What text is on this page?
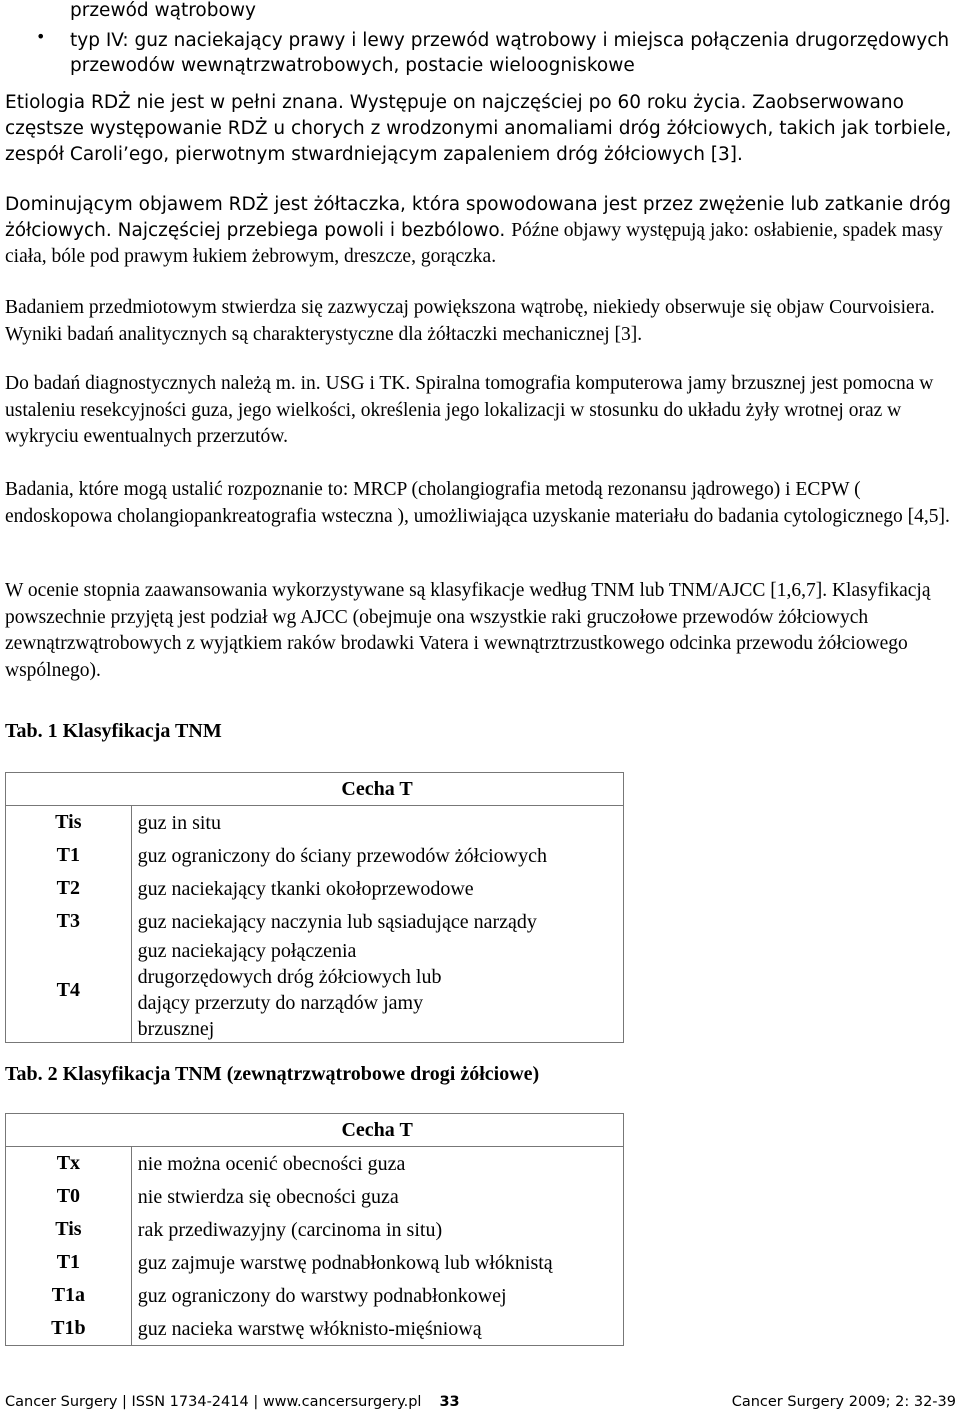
przewód wątrobowy
• typ IV: guz naciekający prawy i lewy przewód wątrobowy i miejsca połączenia drugorzędowych przewodów wewnątrzwatrobowych, postacie wieloogniskowe

Etiologia RDŻ nie jest w pełni znana. Występuje on najczęściej po 60 roku życia. Zaobserwowano częstsze występowanie RDŻ u chorych z wrodzonymi anomaliami dróg żółciowych, takich jak torbiele, zespół Caroli’ego, pierwotnym stwardniejącym zapaleniem dróg żółciowych [3].

Dominującym objawem RDŻ jest żółtaczka, która spowodowana jest przez zwężenie lub zatkanie dróg żółciowych. Najczęściej przebiega powoli i bezbólowo. Późne objawy występują jako: osłabienie, spadek masy ciała, bóle pod prawym łukiem żebrowym, dreszcze, gorączka.

Badaniem przedmiotowym stwierdza się zazwyczaj powiększona wątrobę, niekiedy obserwuje się objaw Courvoisiera. Wyniki badań analitycznych są charakterystyczne dla żółtaczki mechanicznej [3].

Do badań diagnostycznych należą m. in. USG i TK. Spiralna tomografia komputerowa jamy brzusznej jest pomocna w ustaleniu resekcyjności guza, jego wielkości, określenia jego lokalizacji w stosunku do układu żyły wrotnej oraz w wykryciu ewentualnych przerzutów.

Badania, które mogą ustalić rozpoznanie to: MRCP (cholangiografia metodą rezonansu jądrowego) i ECPW ( endoskopowa cholangiopankreatografia wsteczna ), umożliwiająca uzyskanie materiału do badania cytologicznego [4,5].

W ocenie stopnia zaawansowania wykorzystywane są klasyfikacje według TNM lub TNM/AJCC [1,6,7]. Klasyfikacją powszechnie przyjętą jest podział wg AJCC (obejmuje ona wszystkie raki gruczołowe przewodów żółciowych zewnątrzwątrobowych z wyjątkiem raków brodawki Vatera i wewnątrztrzustkowego odcinka przewodu żółciowego wspólnego).

Tab. 1 Klasyfikacja TNM
	Cecha T
Tis	guz in situ
T1	guz ograniczony do ściany przewodów żółciowych
T2	guz naciekający tkanki okołoprzewodowe
T3	guz naciekający naczynia lub sąsiadujące narządy
T4	guz naciekający połączenia drugorzędowych dróg żółciowych lub dający przerzuty do narządów jamy brzusznej
Tab. 2 Klasyfikacja TNM (zewnątrzwątrobowe drogi żółciowe)
	Cecha T
Tx	nie można ocenić obecności guza
T0	nie stwierdza się obecności guza
Tis	rak przediwazyjny (carcinoma in situ)
T1	guz zajmuje warstwę podnabłonkową lub włóknistą
T1a	guz ograniczony do warstwy podnabłonkowej
T1b	guz nacieka warstwę włóknisto-mięśniową
Cancer Surgery | ISSN 1734-2414 | www.cancersurgery.pl 33	Cancer Surgery 2009; 2: 32-39
